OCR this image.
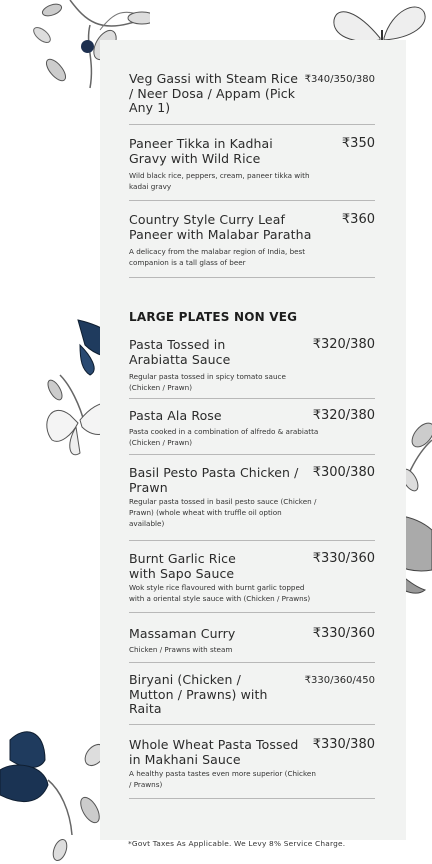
Veg Gassi with Steam Rice / Neer Dosa / Appam (Pick Any 1)
₹340/350/380
Paneer Tikka in Kadhai Gravy with Wild Rice
₹350
Wild black rice, peppers, cream, paneer tikka with kadai gravy
Country Style Curry Leaf Paneer with Malabar Paratha
₹360
A delicacy from the malabar region of India, best companion is a tall glass of beer
LARGE PLATES NON VEG
Pasta Tossed in Arabiatta Sauce
₹320/380
Regular pasta tossed in spicy tomato sauce (Chicken / Prawn)
Pasta Ala Rose	₹320/380
Pasta cooked in a combination of alfredo & arabiatta (Chicken / Prawn)
Basil Pesto Pasta Chicken / Prawn
₹300/380
Regular pasta tossed in basil pesto sauce (Chicken / Prawn) (whole wheat with truffle oil option available)
Burnt Garlic Rice with Sapo Sauce
₹330/360
Wok style rice flavoured with burnt garlic topped with a oriental style sauce with (Chicken / Prawns)
Massaman Curry	₹330/360
Chicken / Prawns with steam
Biryani (Chicken / Mutton / Prawns) with Raita
₹330/360/450
Whole Wheat Pasta Tossed in Makhani Sauce
₹330/380
A healthy pasta tastes even more superior (Chicken / Prawns)
*Govt Taxes As Applicable. We Levy 8% Service Charge.
